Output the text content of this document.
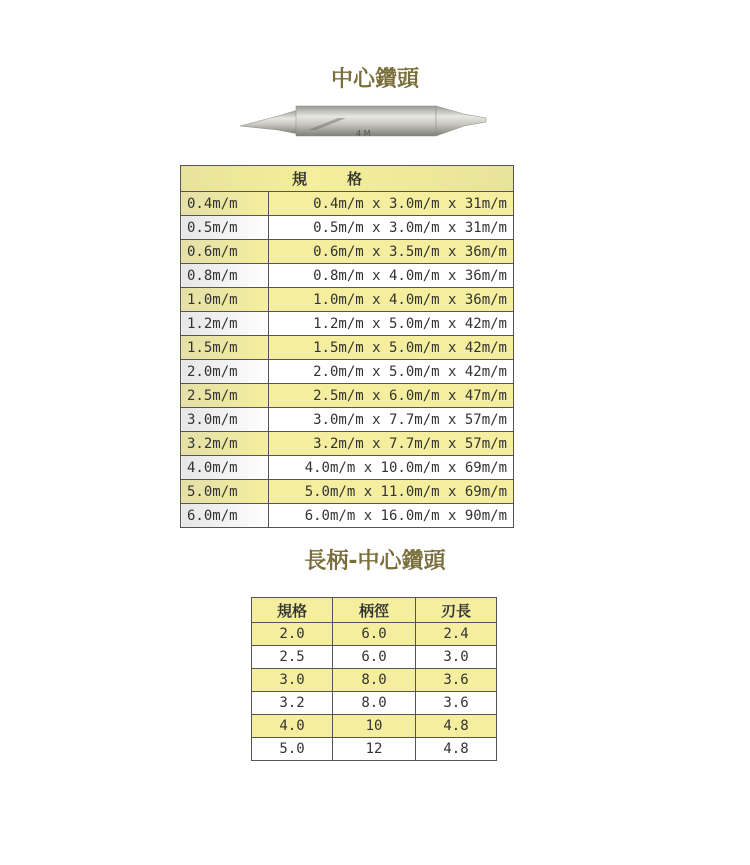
中心鑽頭
4 M
規格	
0.4m/m	0.4m/m x 3.0m/m x 31m/m
0.5m/m	0.5m/m x 3.0m/m x 31m/m
0.6m/m	0.6m/m x 3.5m/m x 36m/m
0.8m/m	0.8m/m x 4.0m/m x 36m/m
1.0m/m	1.0m/m x 4.0m/m x 36m/m
1.2m/m	1.2m/m x 5.0m/m x 42m/m
1.5m/m	1.5m/m x 5.0m/m x 42m/m
2.0m/m	2.0m/m x 5.0m/m x 42m/m
2.5m/m	2.5m/m x 6.0m/m x 47m/m
3.0m/m	3.0m/m x 7.7m/m x 57m/m
3.2m/m	3.2m/m x 7.7m/m x 57m/m
4.0m/m	4.0m/m x 10.0m/m x 69m/m
5.0m/m	5.0m/m x 11.0m/m x 69m/m
6.0m/m	6.0m/m x 16.0m/m x 90m/m
長柄-中心鑽頭
規格	柄徑	刃長
2.0	6.0	2.4
2.5	6.0	3.0
3.0	8.0	3.6
3.2	8.0	3.6
4.0	10	4.8
5.0	12	4.8
